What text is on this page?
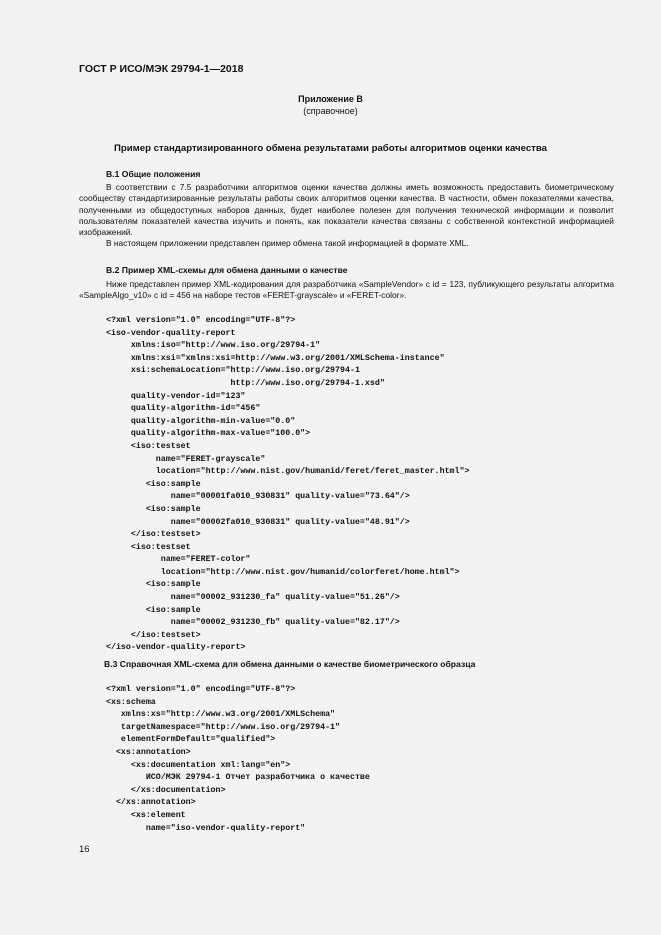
ГОСТ Р ИСО/МЭК 29794-1—2018
Приложение В
(справочное)
Пример стандартизированного обмена результатами работы алгоритмов оценки качества
В.1 Общие положения

В соответствии с 7.5 разработчики алгоритмов оценки качества должны иметь возможность предоставить биометрическому сообществу стандартизированные результаты работы своих алгоритмов оценки качества. В частности, обмен показателями качества, полученными из общедоступных наборов данных, будет наиболее полезен для получения технической информации и позволит пользователям показателей качества изучить и понять, как показатели качества связаны с собственной контекстной информацией изображений.

В настоящем приложении представлен пример обмена такой информацией в формате XML.

В.2 Пример XML-схемы для обмена данными о качестве

Ниже представлен пример XML-кодирования для разработчика «SampleVendor» с id = 123, публикующего результаты алгоритма «SampleAlgo_v10» с id = 456 на наборе тестов «FERET-grayscale» и «FERET-color».

<?xml version="1.0" encoding="UTF-8"?>
<iso-vendor-quality-report
xmlns:iso="http://www.iso.org/29794-1"
xmlns:xsi="xmlns:xsi=http://www.w3.org/2001/XMLSchema-instance"
xsi:schemaLocation="http://www.iso.org/29794-1
http://www.iso.org/29794-1.xsd"
quality-vendor-id="123"
quality-algorithm-id="456"
quality-algorithm-min-value="0.0"
quality-algorithm-max-value="100.0">
<iso:testset
name="FERET-grayscale"
location="http://www.nist.gov/humanid/feret/feret_master.html">
<iso:sample
name="00001fa010_930831" quality-value="73.64"/>
<iso:sample
name="00002fa010_930831" quality-value="48.91"/>
</iso:testset>
<iso:testset
name="FERET-color"
location="http://www.nist.gov/humanid/colorferet/home.html">
<iso:sample
name="00002_931230_fa" quality-value="51.26"/>
<iso:sample
name="00002_931230_fb" quality-value="82.17"/>
</iso:testset>
</iso-vendor-quality-report>
В.3 Справочная XML-схема для обмена данными о качестве биометрического образца
<?xml version="1.0" encoding="UTF-8"?>
<xs:schema
xmlns:xs="http://www.w3.org/2001/XMLSchema"
targetNamespace="http://www.iso.org/29794-1"
elementFormDefault="qualified">
<xs:annotation>
<xs:documentation xml:lang="en">
ИСО/МЭК 29794-1 Отчет разработчика о качестве
</xs:documentation>
</xs:annotation>
<xs:element
name="iso-vendor-quality-report"
16
